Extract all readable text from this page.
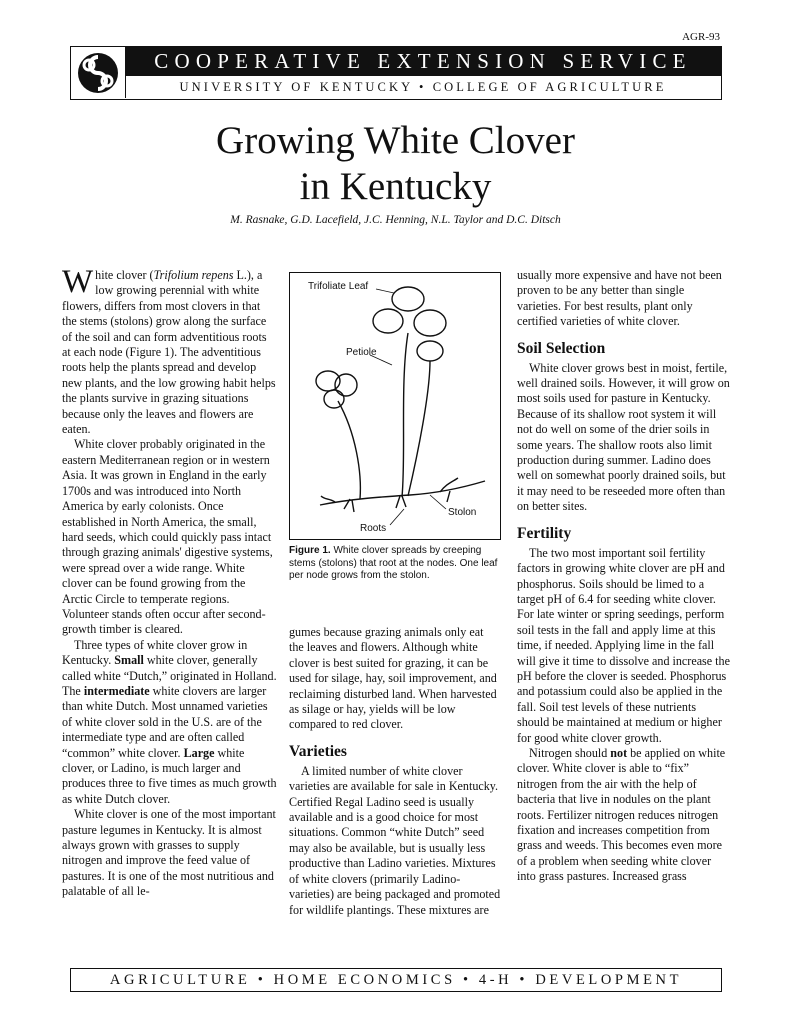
AGR-93
COOPERATIVE EXTENSION SERVICE
UNIVERSITY OF KENTUCKY • COLLEGE OF AGRICULTURE
Growing White Clover
in Kentucky
M. Rasnake, G.D. Lacefield, J.C. Henning, N.L. Taylor and D.C. Ditsch

White clover (Trifolium repens L.), a low growing perennial with white flowers, differs from most clovers in that the stems (stolons) grow along the surface of the soil and can form adventitious roots at each node (Figure 1). The adventitious roots help the plants spread and develop new plants, and the low growing habit helps the plants survive in grazing situations because only the leaves and flowers are eaten.

White clover probably originated in the eastern Mediterranean region or in western Asia. It was grown in England in the early 1700s and was introduced into North America by early colonists. Once established in North America, the small, hard seeds, which could quickly pass intact through grazing animals' digestive systems, were spread over a wide range. White clover can be found growing from the Arctic Circle to temperate regions. Volunteer stands often occur after second-growth timber is cleared.

Three types of white clover grow in Kentucky. Small white clover, generally called white “Dutch,” originated in Holland. The intermediate white clovers are larger than white Dutch. Most unnamed varieties of white clover sold in the U.S. are of the intermediate type and are often called “common” white clover. Large white clover, or Ladino, is much larger and produces three to five times as much growth as white Dutch clover.

White clover is one of the most important pasture legumes in Kentucky. It is almost always grown with grasses to supply nitrogen and improve the feed value of pastures. It is one of the most nutritious and palatable of all le-

Trifoliate Leaf
Petiole
Stolon
Roots
Figure 1. White clover spreads by creeping stems (stolons) that root at the nodes. One leaf per node grows from the stolon.

gumes because grazing animals only eat the leaves and flowers. Although white clover is best suited for grazing, it can be used for silage, hay, soil improvement, and reclaiming disturbed land. When harvested as silage or hay, yields will be low compared to red clover.

Varieties

A limited number of white clover varieties are available for sale in Kentucky. Certified Regal Ladino seed is usually available and is a good choice for most situations. Common “white Dutch” seed may also be available, but is usually less productive than Ladino varieties. Mixtures of white clovers (primarily Ladino-varieties) are being packaged and promoted for wildlife plantings. These mixtures are

usually more expensive and have not been proven to be any better than single varieties. For best results, plant only certified varieties of white clover.

Soil Selection

White clover grows best in moist, fertile, well drained soils. However, it will grow on most soils used for pasture in Kentucky. Because of its shallow root system it will not do well on some of the drier soils in some years. The shallow roots also limit production during summer. Ladino does well on somewhat poorly drained soils, but it may need to be reseeded more often than on better sites.

Fertility

The two most important soil fertility factors in growing white clover are pH and phosphorus. Soils should be limed to a target pH of 6.4 for seeding white clover. For late winter or spring seedings, perform soil tests in the fall and apply lime at this time, if needed. Applying lime in the fall will give it time to dissolve and increase the pH before the clover is seeded. Phosphorus and potassium could also be applied in the fall. Soil test levels of these nutrients should be maintained at medium or higher for good white clover growth.

Nitrogen should not be applied on white clover. White clover is able to “fix” nitrogen from the air with the help of bacteria that live in nodules on the plant roots. Fertilizer nitrogen reduces nitrogen fixation and increases competition from grass and weeds. This becomes even more of a problem when seeding white clover into grass pastures. Increased grass

AGRICULTURE • HOME ECONOMICS • 4-H • DEVELOPMENT
